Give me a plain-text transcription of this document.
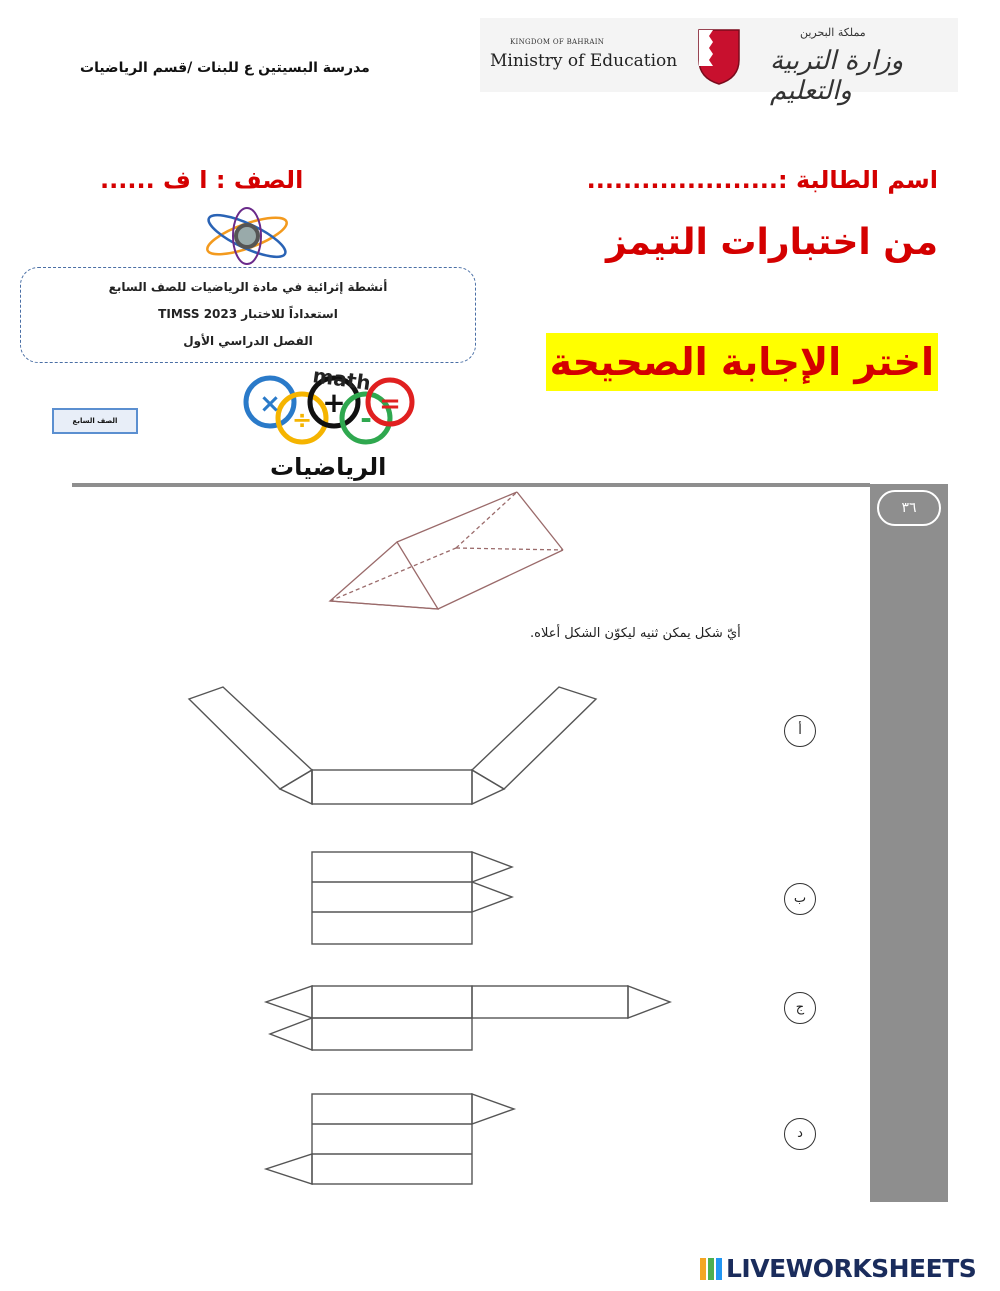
مدرسة البسيتين ع للبنات /قسم الرياضيات
KINGDOM OF BAHRAIN
Ministry of Education
مملكة البحرين
وزارة التربية والتعليم
اسم الطالبة :.....................
الصف : ا ف ......
أنشطة إثرائية في مادة الرياضيات للصف السابع
استعداداً للاختبار TIMSS 2023
الفصل الدراسي الأول
من اختبارات التيمز
اختر الإجابة الصحيحة
الصف السابع
×
÷
+ - =
math
الرياضيات
٣٦
أيّ شكل يمكن ثنيه ليكوّن الشكل أعلاه.
أ
ب
ج
د
LIVEWORKSHEETS
